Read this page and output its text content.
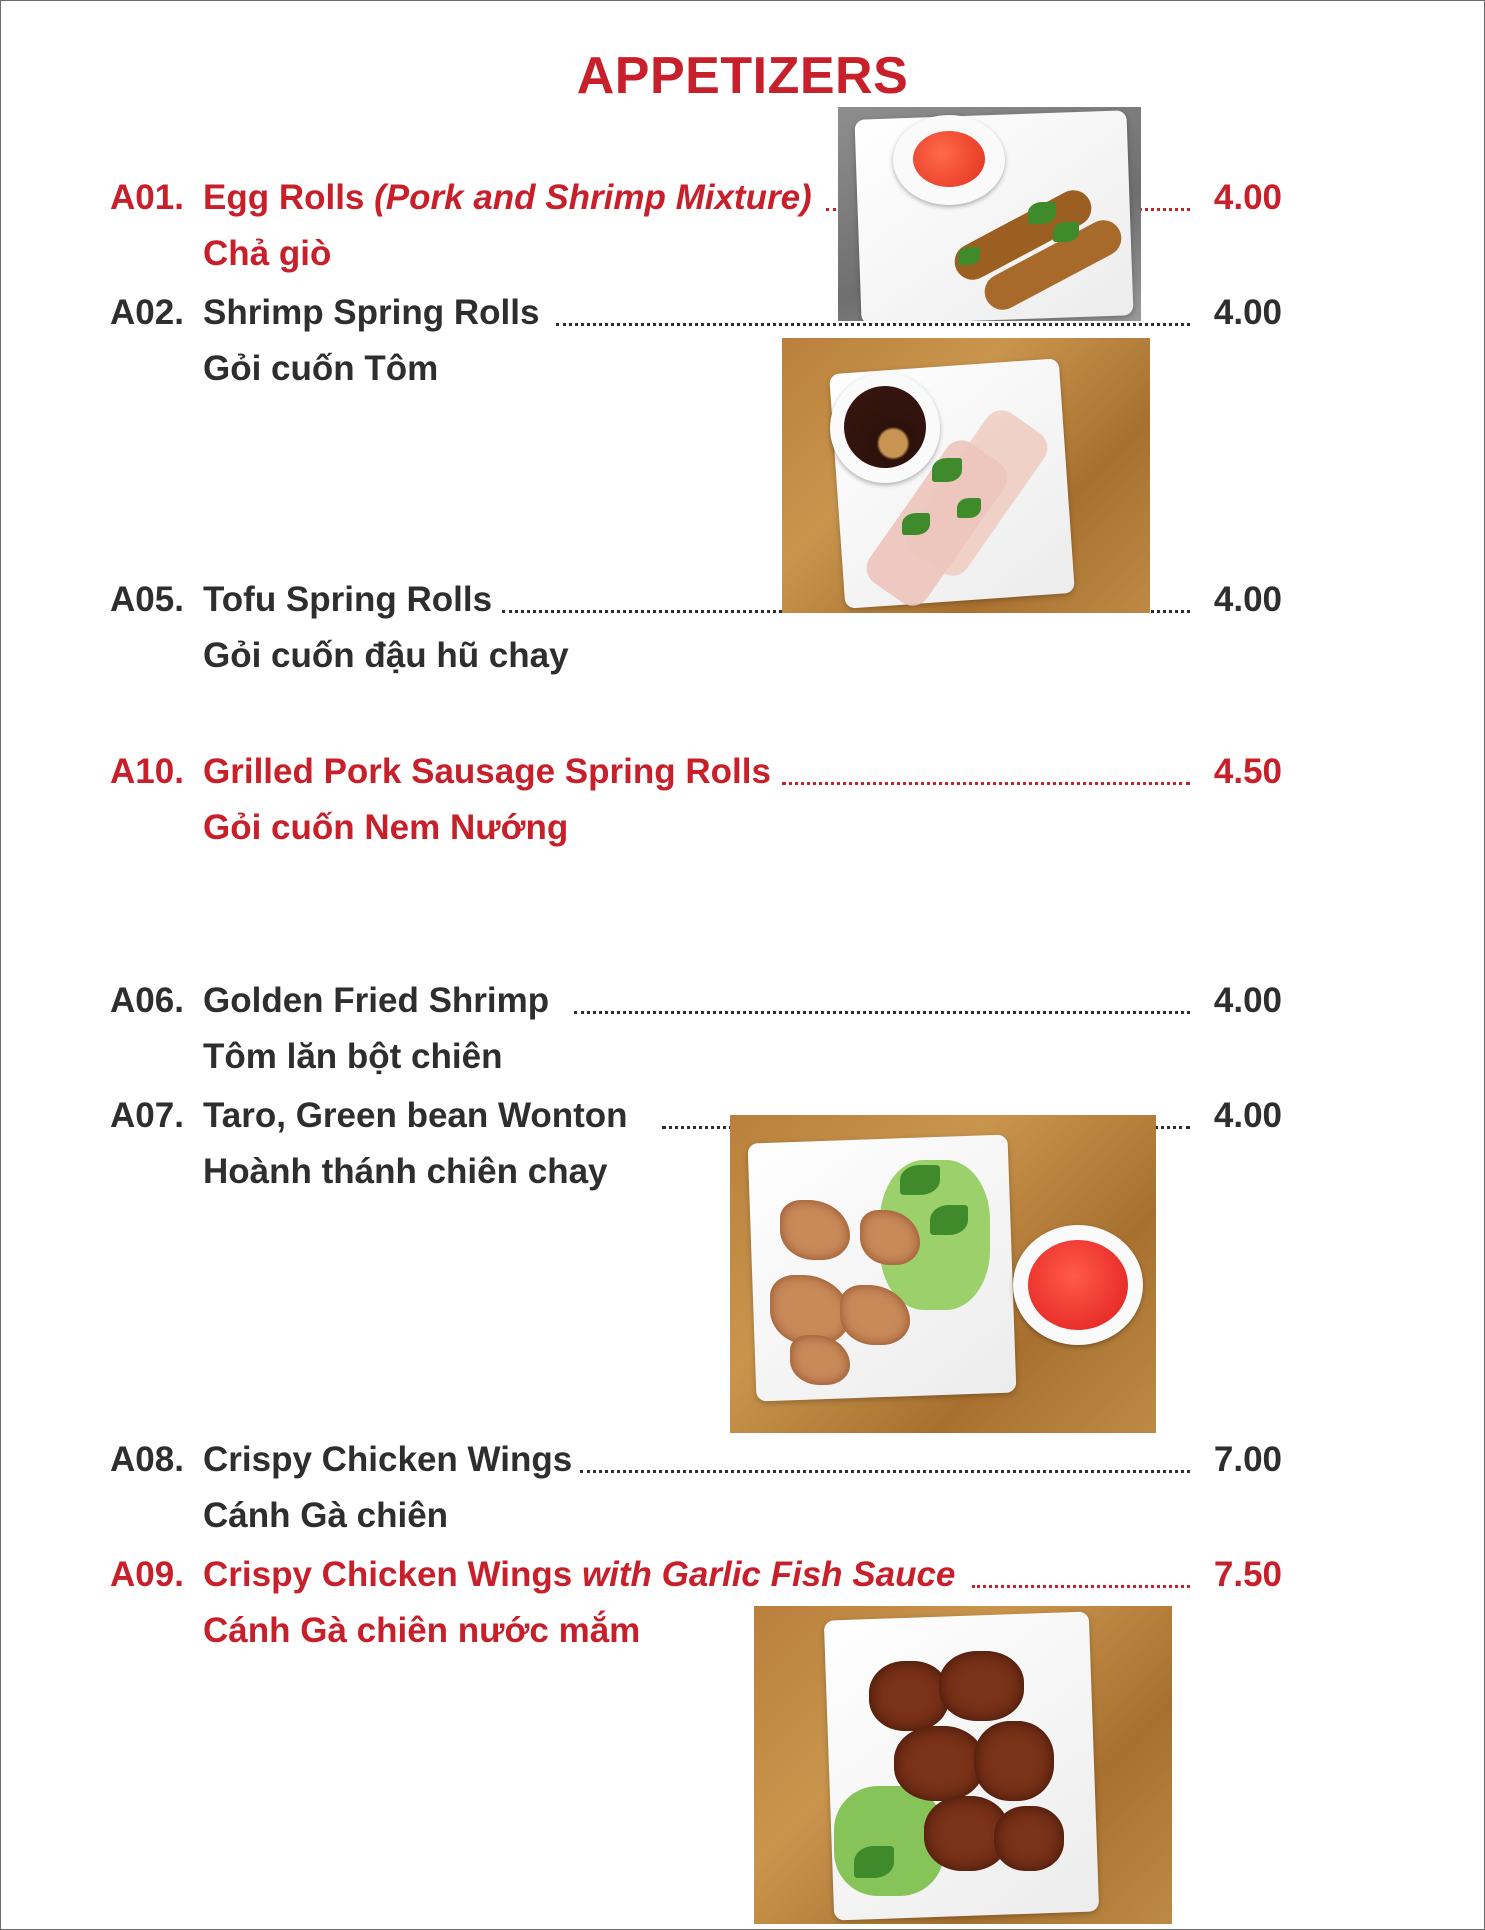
APPETIZERS
A01. Egg Rolls (Pork and Shrimp Mixture)	4.00
Chả giò
A02. Shrimp Spring Rolls	4.00
Gỏi cuốn Tôm
A05. Tofu Spring Rolls	4.00
Gỏi cuốn đậu hũ chay
A10. Grilled Pork Sausage Spring Rolls	4.50
Gỏi cuốn Nem Nướng
A06. Golden Fried Shrimp	4.00
Tôm lăn bột chiên
A07. Taro, Green bean Wonton	4.00
Hoành thánh chiên chay
A08. Crispy Chicken Wings	7.00
Cánh Gà chiên
A09. Crispy Chicken Wings with Garlic Fish Sauce	7.50
Cánh Gà chiên nước mắm
